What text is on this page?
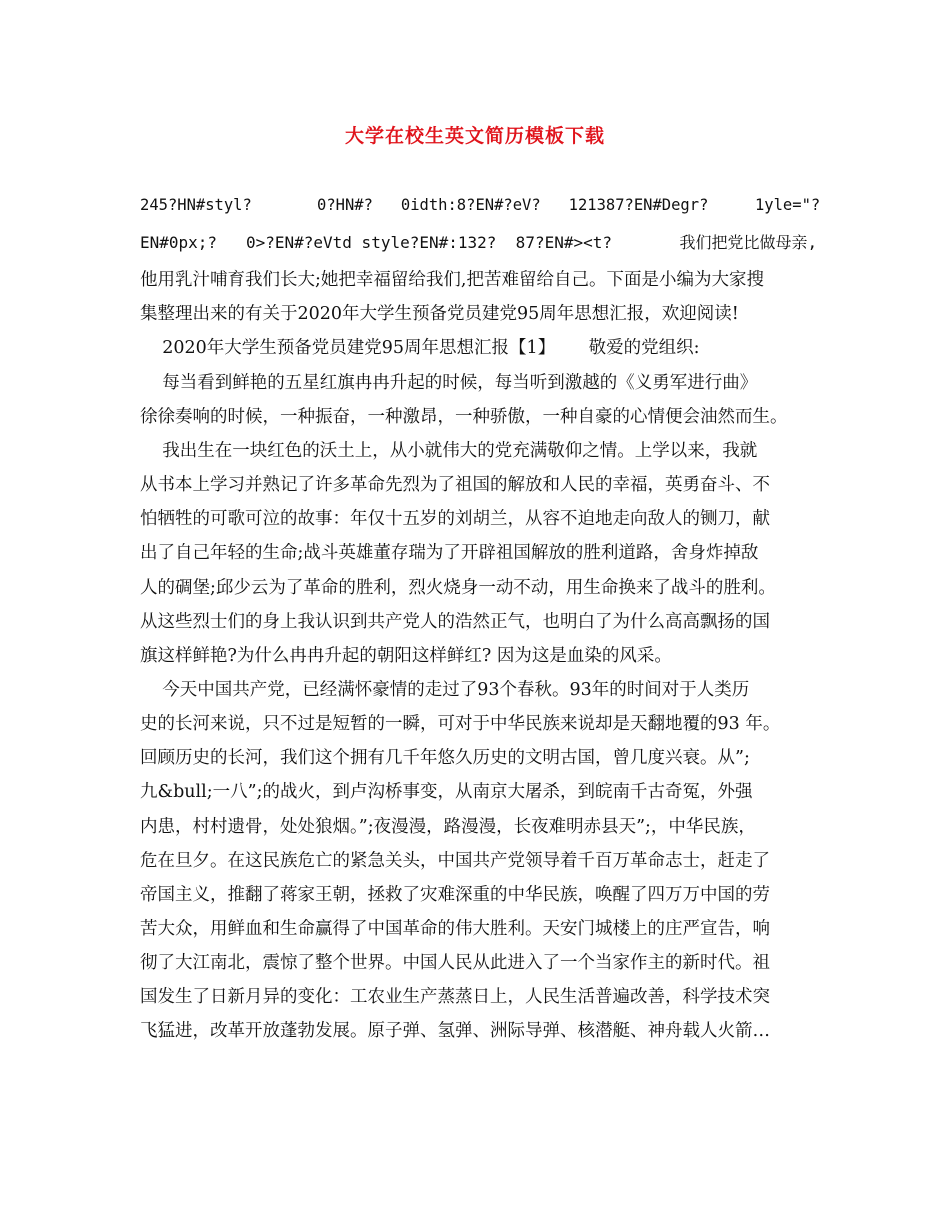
大学在校生英文简历模板下载
245?HN#styl?       0?HN#?   0idth:8?EN#?eV?   121387?EN#Degr?     1yle="?
EN#0px;?   0>?EN#?eVtd style?EN#:132?  87?EN#><t?       我们把党比做母亲,
他用乳汁哺育我们长大;她把幸福留给我们,把苦难留给自己。下面是小编为大家搜
集整理出来的有关于2020年大学生预备党员建党95周年思想汇报，欢迎阅读!
2020年大学生预备党员建党95周年思想汇报【1】      敬爱的党组织:
每当看到鲜艳的五星红旗冉冉升起的时候，每当听到激越的《义勇军进行曲》
徐徐奏响的时候，一种振奋，一种激昂，一种骄傲，一种自豪的心情便会油然而生。
我出生在一块红色的沃土上，从小就伟大的党充满敬仰之情。上学以来，我就
从书本上学习并熟记了许多革命先烈为了祖国的解放和人民的幸福，英勇奋斗、不
怕牺牲的可歌可泣的故事：年仅十五岁的刘胡兰，从容不迫地走向敌人的铡刀，献
出了自己年轻的生命;战斗英雄董存瑞为了开辟祖国解放的胜利道路，舍身炸掉敌
人的碉堡;邱少云为了革命的胜利，烈火烧身一动不动，用生命换来了战斗的胜利。
从这些烈士们的身上我认识到共产党人的浩然正气，也明白了为什么高高飘扬的国
旗这样鲜艳?为什么冉冉升起的朝阳这样鲜红? 因为这是血染的风采。
今天中国共产党，已经满怀豪情的走过了93个春秋。93年的时间对于人类历
史的长河来说，只不过是短暂的一瞬，可对于中华民族来说却是天翻地覆的93 年。
回顾历史的长河，我们这个拥有几千年悠久历史的文明古国，曾几度兴衰。从”;
九&bull;一八”;的战火，到卢沟桥事变，从南京大屠杀，到皖南千古奇冤，外强
内患，村村遗骨，处处狼烟。”;夜漫漫，路漫漫，长夜难明赤县天”;，中华民族，
危在旦夕。在这民族危亡的紧急关头，中国共产党领导着千百万革命志士，赶走了
帝国主义，推翻了蒋家王朝，拯救了灾难深重的中华民族，唤醒了四万万中国的劳
苦大众，用鲜血和生命赢得了中国革命的伟大胜利。天安门城楼上的庄严宣告，响
彻了大江南北，震惊了整个世界。中国人民从此进入了一个当家作主的新时代。祖
国发生了日新月异的变化：工农业生产蒸蒸日上，人民生活普遍改善，科学技术突
飞猛进，改革开放蓬勃发展。原子弹、氢弹、洲际导弹、核潜艇、神舟载人火箭…
